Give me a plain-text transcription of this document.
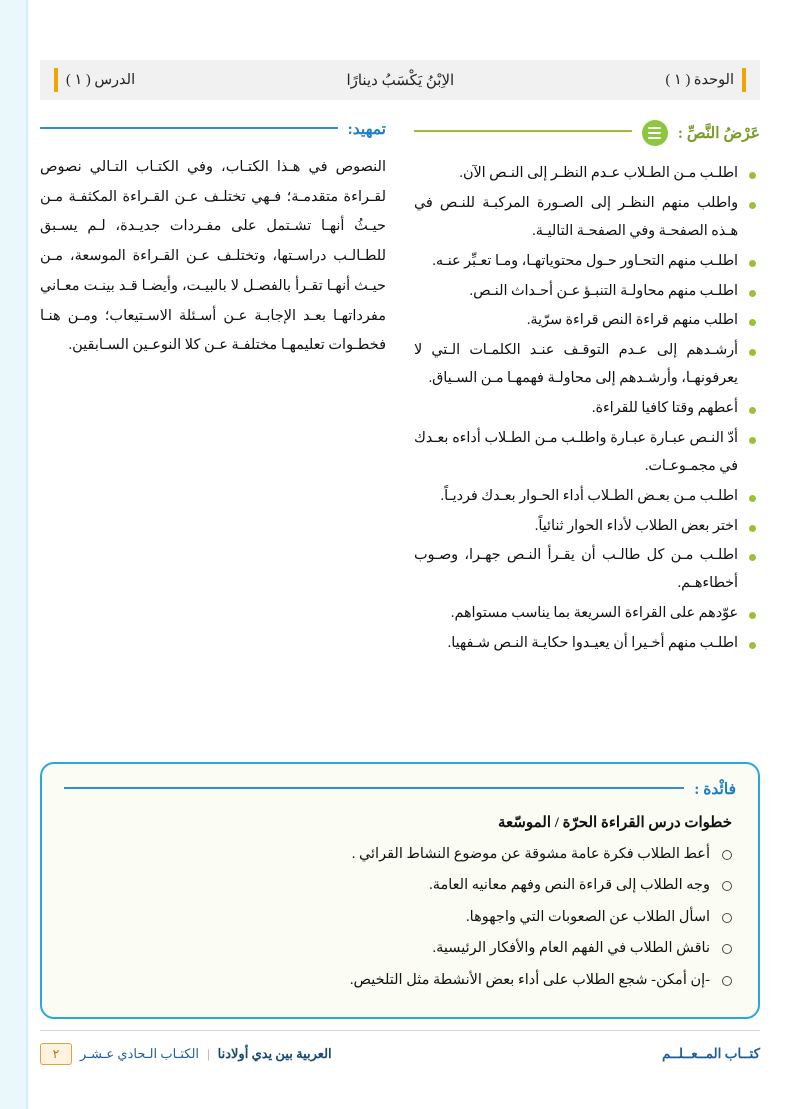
الوحدة ( ١ )
الاِبْنُ يَكْسَبُ دينارًا
الدرس ( ١ )
عَرْضُ النَّصِّ :
اطلـب مـن الطـلاب عـدم النظـر إلى النـص الآن.
واطلب منهم النظـر إلى الصـورة المركبـة للنـص في هـذه الصفحـة وفي الصفحـة التاليـة.
اطلـب منهم التحـاور حـول محتوياتهـا، ومـا تعـبِّر عنـه.
اطلـب منهم محاولـة التنبـؤ عـن أحـداث النـص.
اطلب منهم قراءة النص قراءة سرّية.
أرشـدهم إلى عـدم التوقـف عنـد الكلمـات الـتي لا يعرفونهـا، وأرشـدهم إلى محاولـة فهمهـا مـن السـياق.
أعطهم وقتا كافيا للقراءة.
أدّ النـص عبـارة عبـارة واطلـب مـن الطـلاب أداءه بعـدك في مجمـوعـات.
اطلـب مـن بعـض الطـلاب أداء الحـوار بعـدك فرديـاً.
اختر بعض الطلاب لأداء الحوار ثنائياً.
اطلـب مـن كل طالـب أن يقـرأ النـص جهـرا، وصـوب أخطاءهـم.
عوّدهم على القراءة السريعة بما يناسب مستواهم.
اطلـب منهم أخـيرا أن يعيـدوا حكايـة النـص شـفهيا.
تمهيد:
النصوص في هـذا الكتـاب، وفي الكتـاب التـالي نصوص لقـراءة متقدمـة؛ فـهي تختلـف عـن القـراءة المكثفـة مـن حيـثُ أنهـا تشـتمل على مفـردات جديـدة، لـم يسـبق للطـالـب دراسـتها، وتختلـف عـن القـراءة الموسعة، مـن حيـث أنهـا تقـرأ بالفصـل لا بالبيـت، وأيضـا قـد بينـت معـاني مفرداتهـا بعـد الإجابـة عـن أسـئلة الاسـتيعاب؛ ومـن هنـا فخطـوات تعليمهـا مختلفـة عـن كلا النوعـين السـابقين.
فائْدة :
خطوات درس القراءة الحرّة / الموسّعة
أعط الطلاب فكرة عامة مشوقة عن موضوع النشاط القرائي .
وجه الطلاب إلى قراءة النص وفهم معانيه العامة.
اسأل الطلاب عن الصعوبات التي واجهوها.
ناقش الطلاب في الفهم العام والأفكار الرئيسية.
-إن أمكن- شجع الطلاب على أداء بعض الأنشطة مثل التلخيص.
كتــاب المــعــلــم
العربية بين يدي أولادنا
|
الكتـاب الـحادي عـشـر
٢
